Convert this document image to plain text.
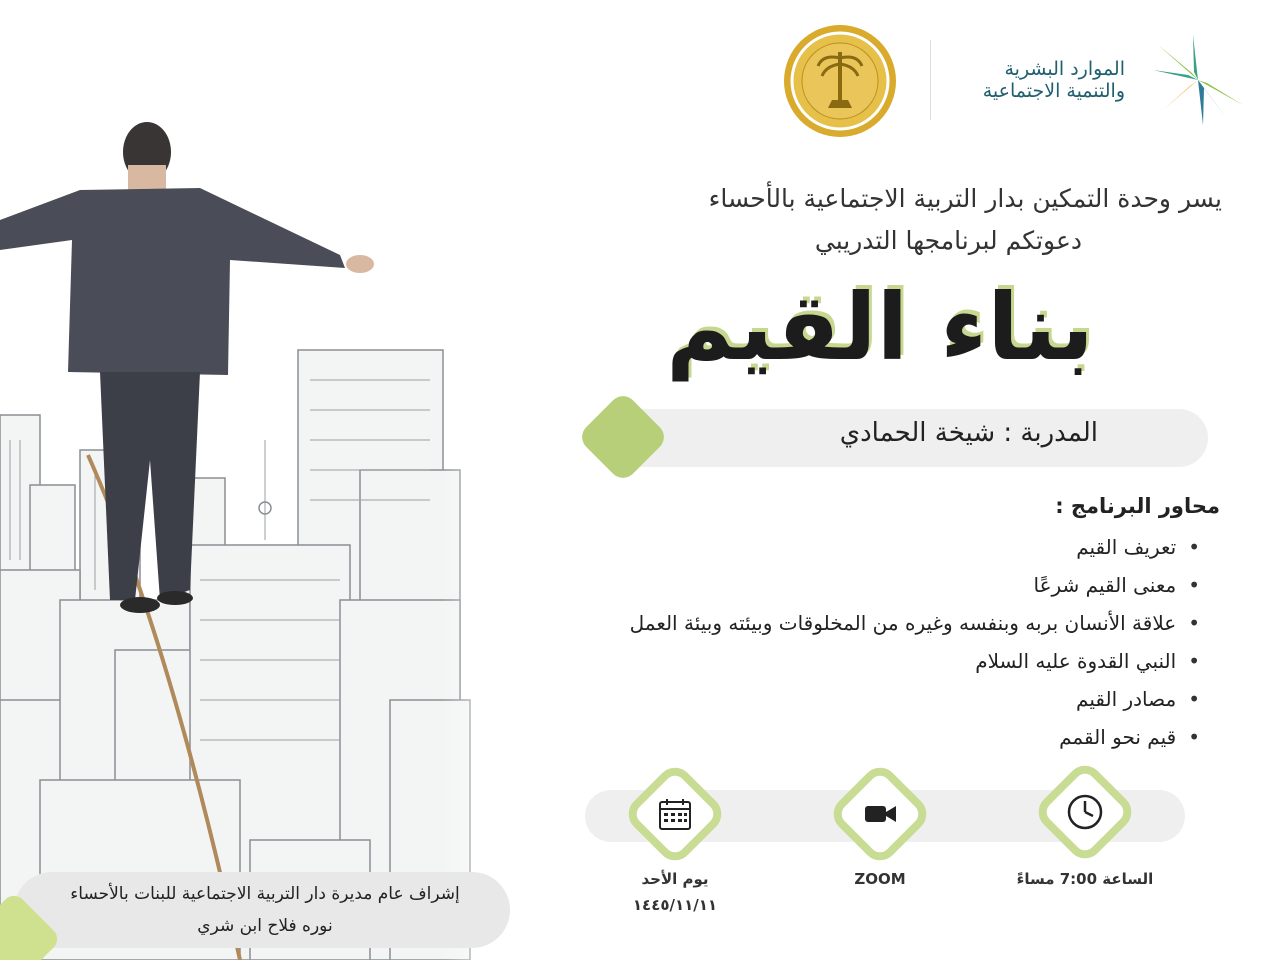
الموارد البشرية
والتنمية الاجتماعية
يسر وحدة التمكين بدار التربية الاجتماعية بالأحساء
دعوتكم لبرنامجها التدريبي
بناء القيم
المدربة : شيخة الحمادي
محاور البرنامج :
• تعريف القيم
• معنى القيم شرعًا
• علاقة الأنسان بربه وبنفسه وغيره من المخلوقات وبيئته وبيئة العمل
• النبي القدوة عليه السلام
• مصادر القيم
• قيم نحو القمم
الساعة 7:00 مساءً
ZOOM
يوم الأحد
١٤٤٥/١١/١١
إشراف عام مديرة دار التربية الاجتماعية للبنات بالأحساء
نوره فلاح ابن شري
